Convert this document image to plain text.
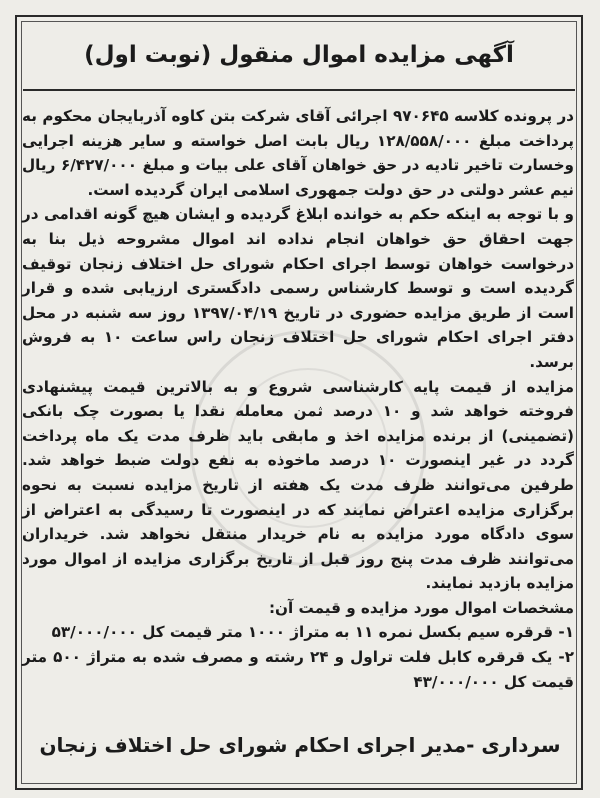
آگهی مزایده اموال منقول (نوبت اول)

در پرونده کلاسه ۹۷۰۶۴۵ اجرائی آقای شرکت بتن کاوه آذربایجان محکوم به پرداخت مبلغ ۱۲۸/۵۵۸/۰۰۰ ریال بابت اصل خواسته و سایر هزینه اجرایی وخسارت تاخیر تادیه در حق خواهان آقای علی بیات و مبلغ ۶/۴۲۷/۰۰۰ ریال نیم عشر دولتی در حق دولت جمهوری اسلامی ایران گردیده است.

و با توجه به اینکه حکم به خوانده ابلاغ گردیده و ایشان هیچ گونه اقدامی در جهت احقاق حق خواهان انجام نداده اند اموال مشروحه ذیل بنا به درخواست خواهان توسط اجرای احکام شورای حل اختلاف زنجان توقیف گردیده است و توسط کارشناس رسمی دادگستری ارزیابی شده و قرار است از طریق مزایده حضوری در تاریخ ۱۳۹۷/۰۴/۱۹ روز سه شنبه در محل دفتر اجرای احکام شورای حل اختلاف زنجان راس ساعت ۱۰ به فروش برسد.

مزایده از قیمت پایه کارشناسی شروع و به بالاترین قیمت پیشنهادی فروخته خواهد شد و ۱۰ درصد ثمن معامله نقدا یا بصورت چک بانکی (تضمینی) از برنده مزایده اخذ و مابقی باید ظرف مدت یک ماه پرداخت گردد در غیر اینصورت ۱۰ درصد ماخوذه به نفع دولت ضبط خواهد شد. طرفین می‌توانند ظرف مدت یک هفته از تاریخ مزایده نسبت به نحوه برگزاری مزایده اعتراض نمایند که در اینصورت تا رسیدگی به اعتراض از سوی دادگاه مورد مزایده به نام خریدار منتقل نخواهد شد. خریداران می‌توانند ظرف مدت پنج روز قبل از تاریخ برگزاری مزایده از اموال مورد مزایده بازدید نمایند.

مشخصات اموال مورد مزایده و قیمت آن:

۱- قرقره سیم بکسل نمره ۱۱ به متراژ ۱۰۰۰ متر قیمت کل ۵۳/۰۰۰/۰۰۰

۲- یک قرقره کابل فلت تراول و ۲۴ رشته و مصرف شده به متراژ ۵۰۰ متر قیمت کل ۴۳/۰۰۰/۰۰۰

سرداری -مدیر اجرای احکام شورای حل اختلاف زنجان
